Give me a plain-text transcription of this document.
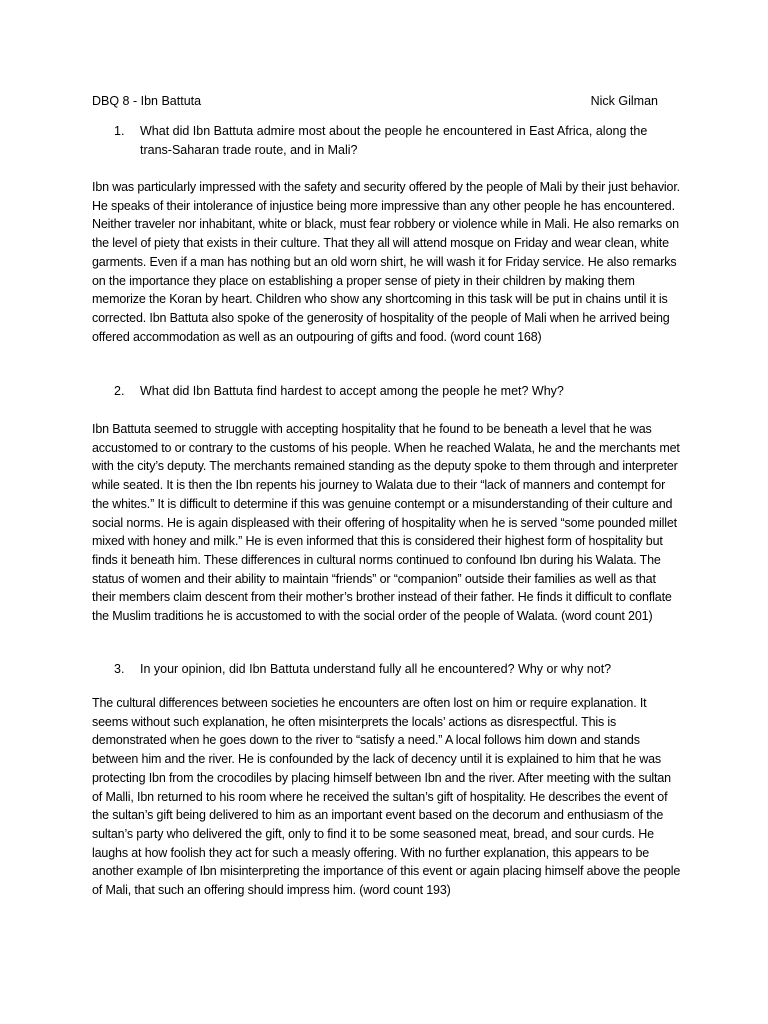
DBQ 8 - Ibn Battuta	Nick Gilman
1. What did Ibn Battuta admire most about the people he encountered in East Africa, along the trans-Saharan trade route, and in Mali?
Ibn was particularly impressed with the safety and security offered by the people of Mali by their just behavior. He speaks of their intolerance of injustice being more impressive than any other people he has encountered. Neither traveler nor inhabitant, white or black, must fear robbery or violence while in Mali. He also remarks on the level of piety that exists in their culture. That they all will attend mosque on Friday and wear clean, white garments. Even if a man has nothing but an old worn shirt, he will wash it for Friday service. He also remarks on the importance they place on establishing a proper sense of piety in their children by making them memorize the Koran by heart. Children who show any shortcoming in this task will be put in chains until it is corrected. Ibn Battuta also spoke of the generosity of hospitality of the people of Mali when he arrived being offered accommodation as well as an outpouring of gifts and food. (word count 168)
2. What did Ibn Battuta find hardest to accept among the people he met? Why?
Ibn Battuta seemed to struggle with accepting hospitality that he found to be beneath a level that he was accustomed to or contrary to the customs of his people. When he reached Walata, he and the merchants met with the city’s deputy. The merchants remained standing as the deputy spoke to them through and interpreter while seated. It is then the Ibn repents his journey to Walata due to their “lack of manners and contempt for the whites.” It is difficult to determine if this was genuine contempt or a misunderstanding of their culture and social norms. He is again displeased with their offering of hospitality when he is served “some pounded millet mixed with honey and milk.” He is even informed that this is considered their highest form of hospitality but finds it beneath him. These differences in cultural norms continued to confound Ibn during his Walata. The status of women and their ability to maintain “friends” or “companion” outside their families as well as that their members claim descent from their mother’s brother instead of their father. He finds it difficult to conflate the Muslim traditions he is accustomed to with the social order of the people of Walata. (word count 201)
3. In your opinion, did Ibn Battuta understand fully all he encountered? Why or why not?
The cultural differences between societies he encounters are often lost on him or require explanation. It seems without such explanation, he often misinterprets the locals’ actions as disrespectful. This is demonstrated when he goes down to the river to “satisfy a need.” A local follows him down and stands between him and the river. He is confounded by the lack of decency until it is explained to him that he was protecting Ibn from the crocodiles by placing himself between Ibn and the river. After meeting with the sultan of Malli, Ibn returned to his room where he received the sultan’s gift of hospitality. He describes the event of the sultan’s gift being delivered to him as an important event based on the decorum and enthusiasm of the sultan’s party who delivered the gift, only to find it to be some seasoned meat, bread, and sour curds. He laughs at how foolish they act for such a measly offering. With no further explanation, this appears to be another example of Ibn misinterpreting the importance of this event or again placing himself above the people of Mali, that such an offering should impress him. (word count 193)
